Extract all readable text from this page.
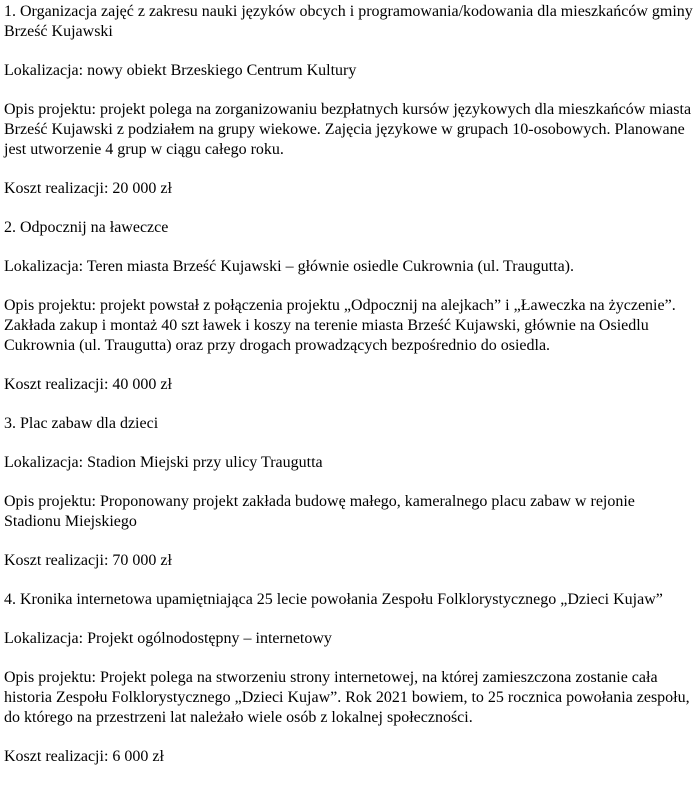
1. Organizacja zajęć z zakresu nauki języków obcych i programowania/kodowania dla mieszkańców gminy Brześć Kujawski

Lokalizacja: nowy obiekt Brzeskiego Centrum Kultury

Opis projektu: projekt polega na zorganizowaniu bezpłatnych kursów językowych dla mieszkańców miasta Brześć Kujawski z podziałem na grupy wiekowe. Zajęcia językowe w grupach 10-osobowych. Planowane jest utworzenie 4 grup w ciągu całego roku.

Koszt realizacji: 20 000 zł

2. Odpocznij na ławeczce

Lokalizacja: Teren miasta Brześć Kujawski – głównie osiedle Cukrownia (ul. Traugutta).

Opis projektu: projekt powstał z połączenia projektu „Odpocznij na alejkach” i „Ławeczka na życzenie”. Zakłada zakup i montaż 40 szt ławek i koszy na terenie miasta Brześć Kujawski, głównie na Osiedlu Cukrownia (ul. Traugutta) oraz przy drogach prowadzących bezpośrednio do osiedla.

Koszt realizacji: 40 000 zł

3. Plac zabaw dla dzieci

Lokalizacja: Stadion Miejski przy ulicy Traugutta

Opis projektu: Proponowany projekt zakłada budowę małego, kameralnego placu zabaw w rejonie Stadionu Miejskiego

Koszt realizacji: 70 000 zł

4. Kronika internetowa upamiętniająca 25 lecie powołania Zespołu Folklorystycznego „Dzieci Kujaw”

Lokalizacja: Projekt ogólnodostępny – internetowy

Opis projektu: Projekt polega na stworzeniu strony internetowej, na której zamieszczona zostanie cała historia Zespołu Folklorystycznego „Dzieci Kujaw”. Rok 2021 bowiem, to 25 rocznica powołania zespołu, do którego na przestrzeni lat należało wiele osób z lokalnej społeczności.

Koszt realizacji: 6 000 zł
